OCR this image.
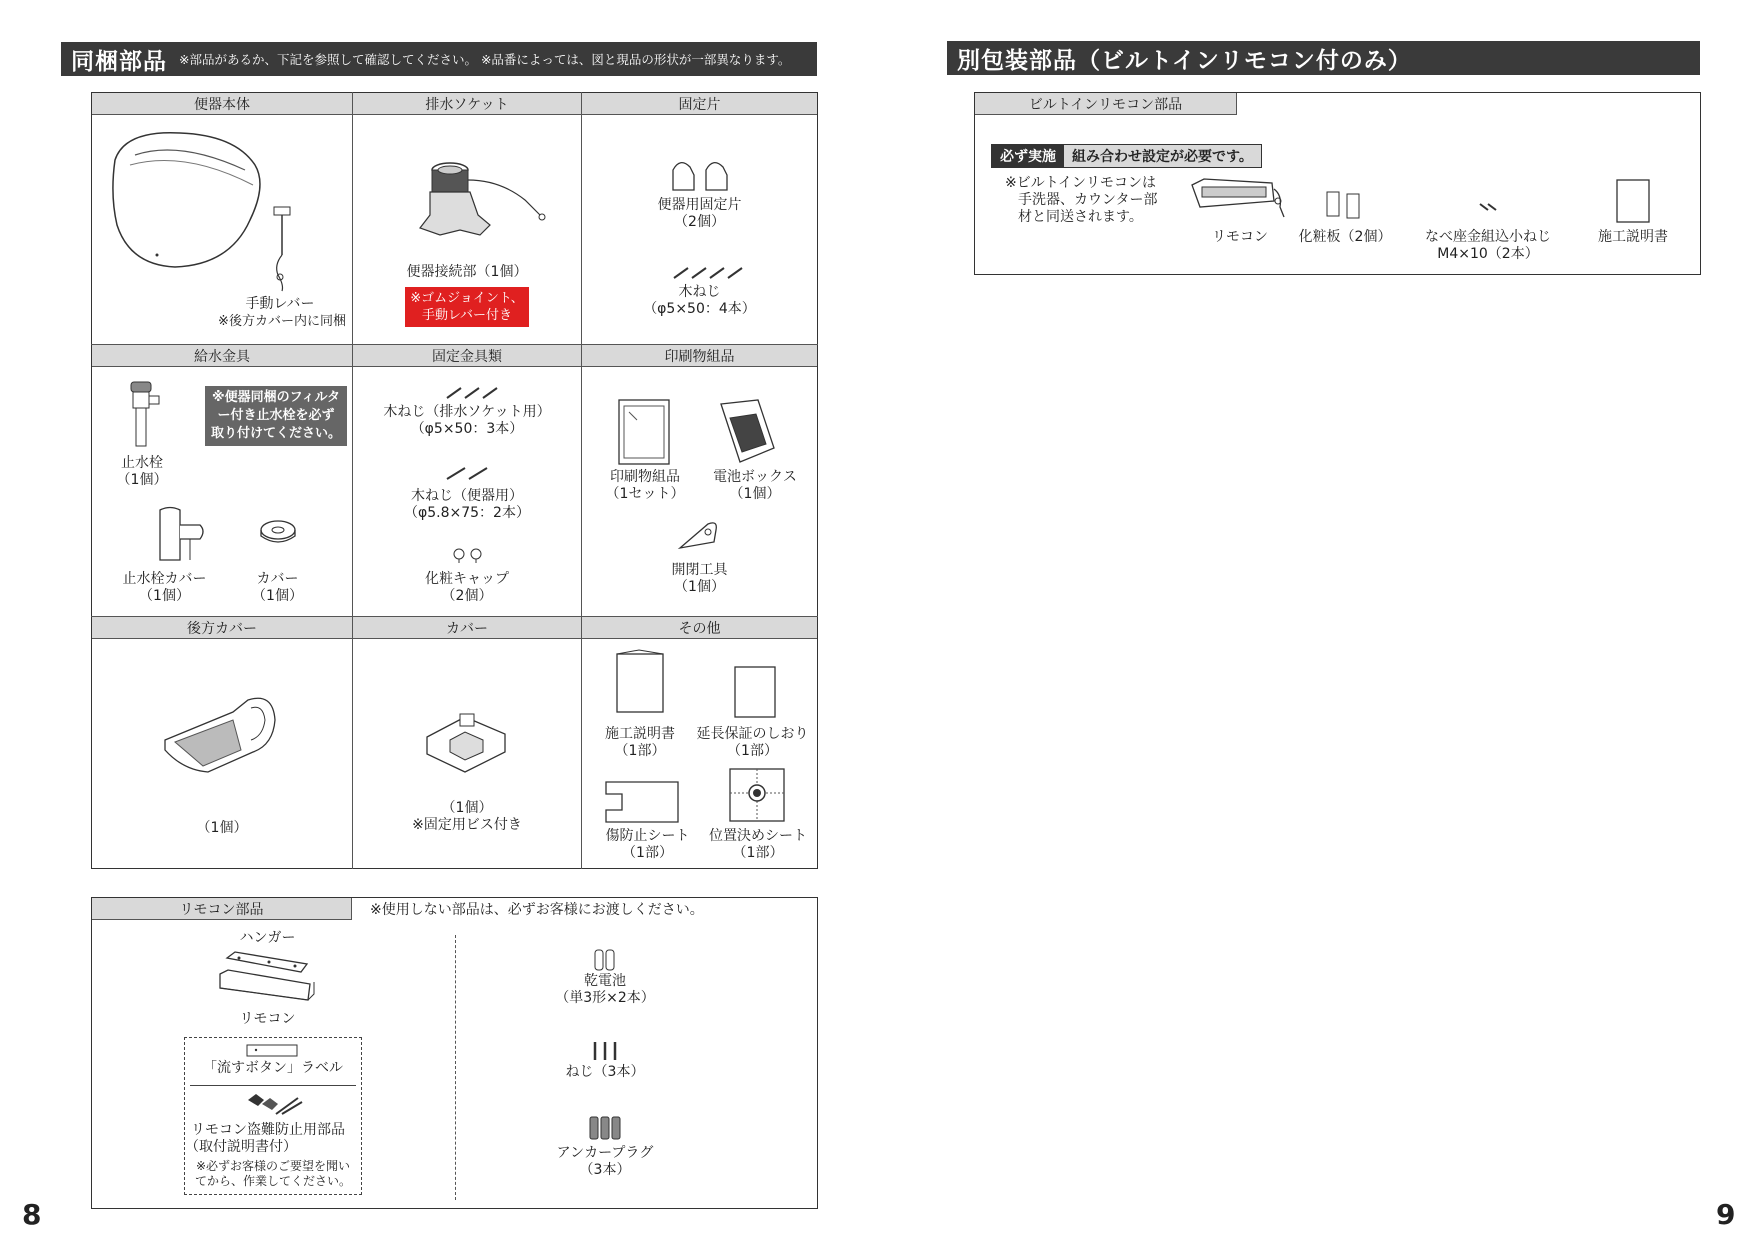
同梱部品 ※部品があるか、下記を参照して確認してください。 ※品番によっては、図と現品の形状が一部異なります。
便器本体	排水ソケット	固定片
給水金具	固定金具類	印刷物組品
後方カバー	カバー	その他
手動レバー
※後方カバー内に同梱
便器接続部（1個）
※ゴムジョイント、
手動レバー付き
便器用固定片
（2個）
木ねじ
（φ5×50：4本）
※便器同梱のフィルタ
ー付き止水栓を必ず
取り付けてください。
止水栓
（1個）
止水栓カバー
（1個）
カバー
（1個）
木ねじ（排水ソケット用）
（φ5×50：3本）
木ねじ（便器用）
（φ5.8×75：2本）
化粧キャップ
（2個）
印刷物組品
（1セット）
電池ボックス
（1個）
開閉工具
（1個）
（1個）
（1個）
※固定用ビス付き
施工説明書
（1部）
延長保証のしおり
（1部）
傷防止シート
（1部）
位置決めシート
（1部）
リモコン部品	※使用しない部品は、必ずお客様にお渡しください。
ハンガー
リモコン
「流すボタン」ラベル
リモコン盗難防止用部品
（取付説明書付）
※必ずお客様のご要望を聞い
てから、作業してください。
乾電池
（単3形×2本）
ねじ（3本）
アンカープラグ
（3本）
8
別包装部品（ビルトインリモコン付のみ）
ビルトインリモコン部品
必ず実施	組み合わせ設定が必要です。
※ビルトインリモコンは
手洗器、カウンター部
材と同送されます。
リモコン	化粧板（2個）	なべ座金組込小ねじ
M4×10（2本）
施工説明書
9
